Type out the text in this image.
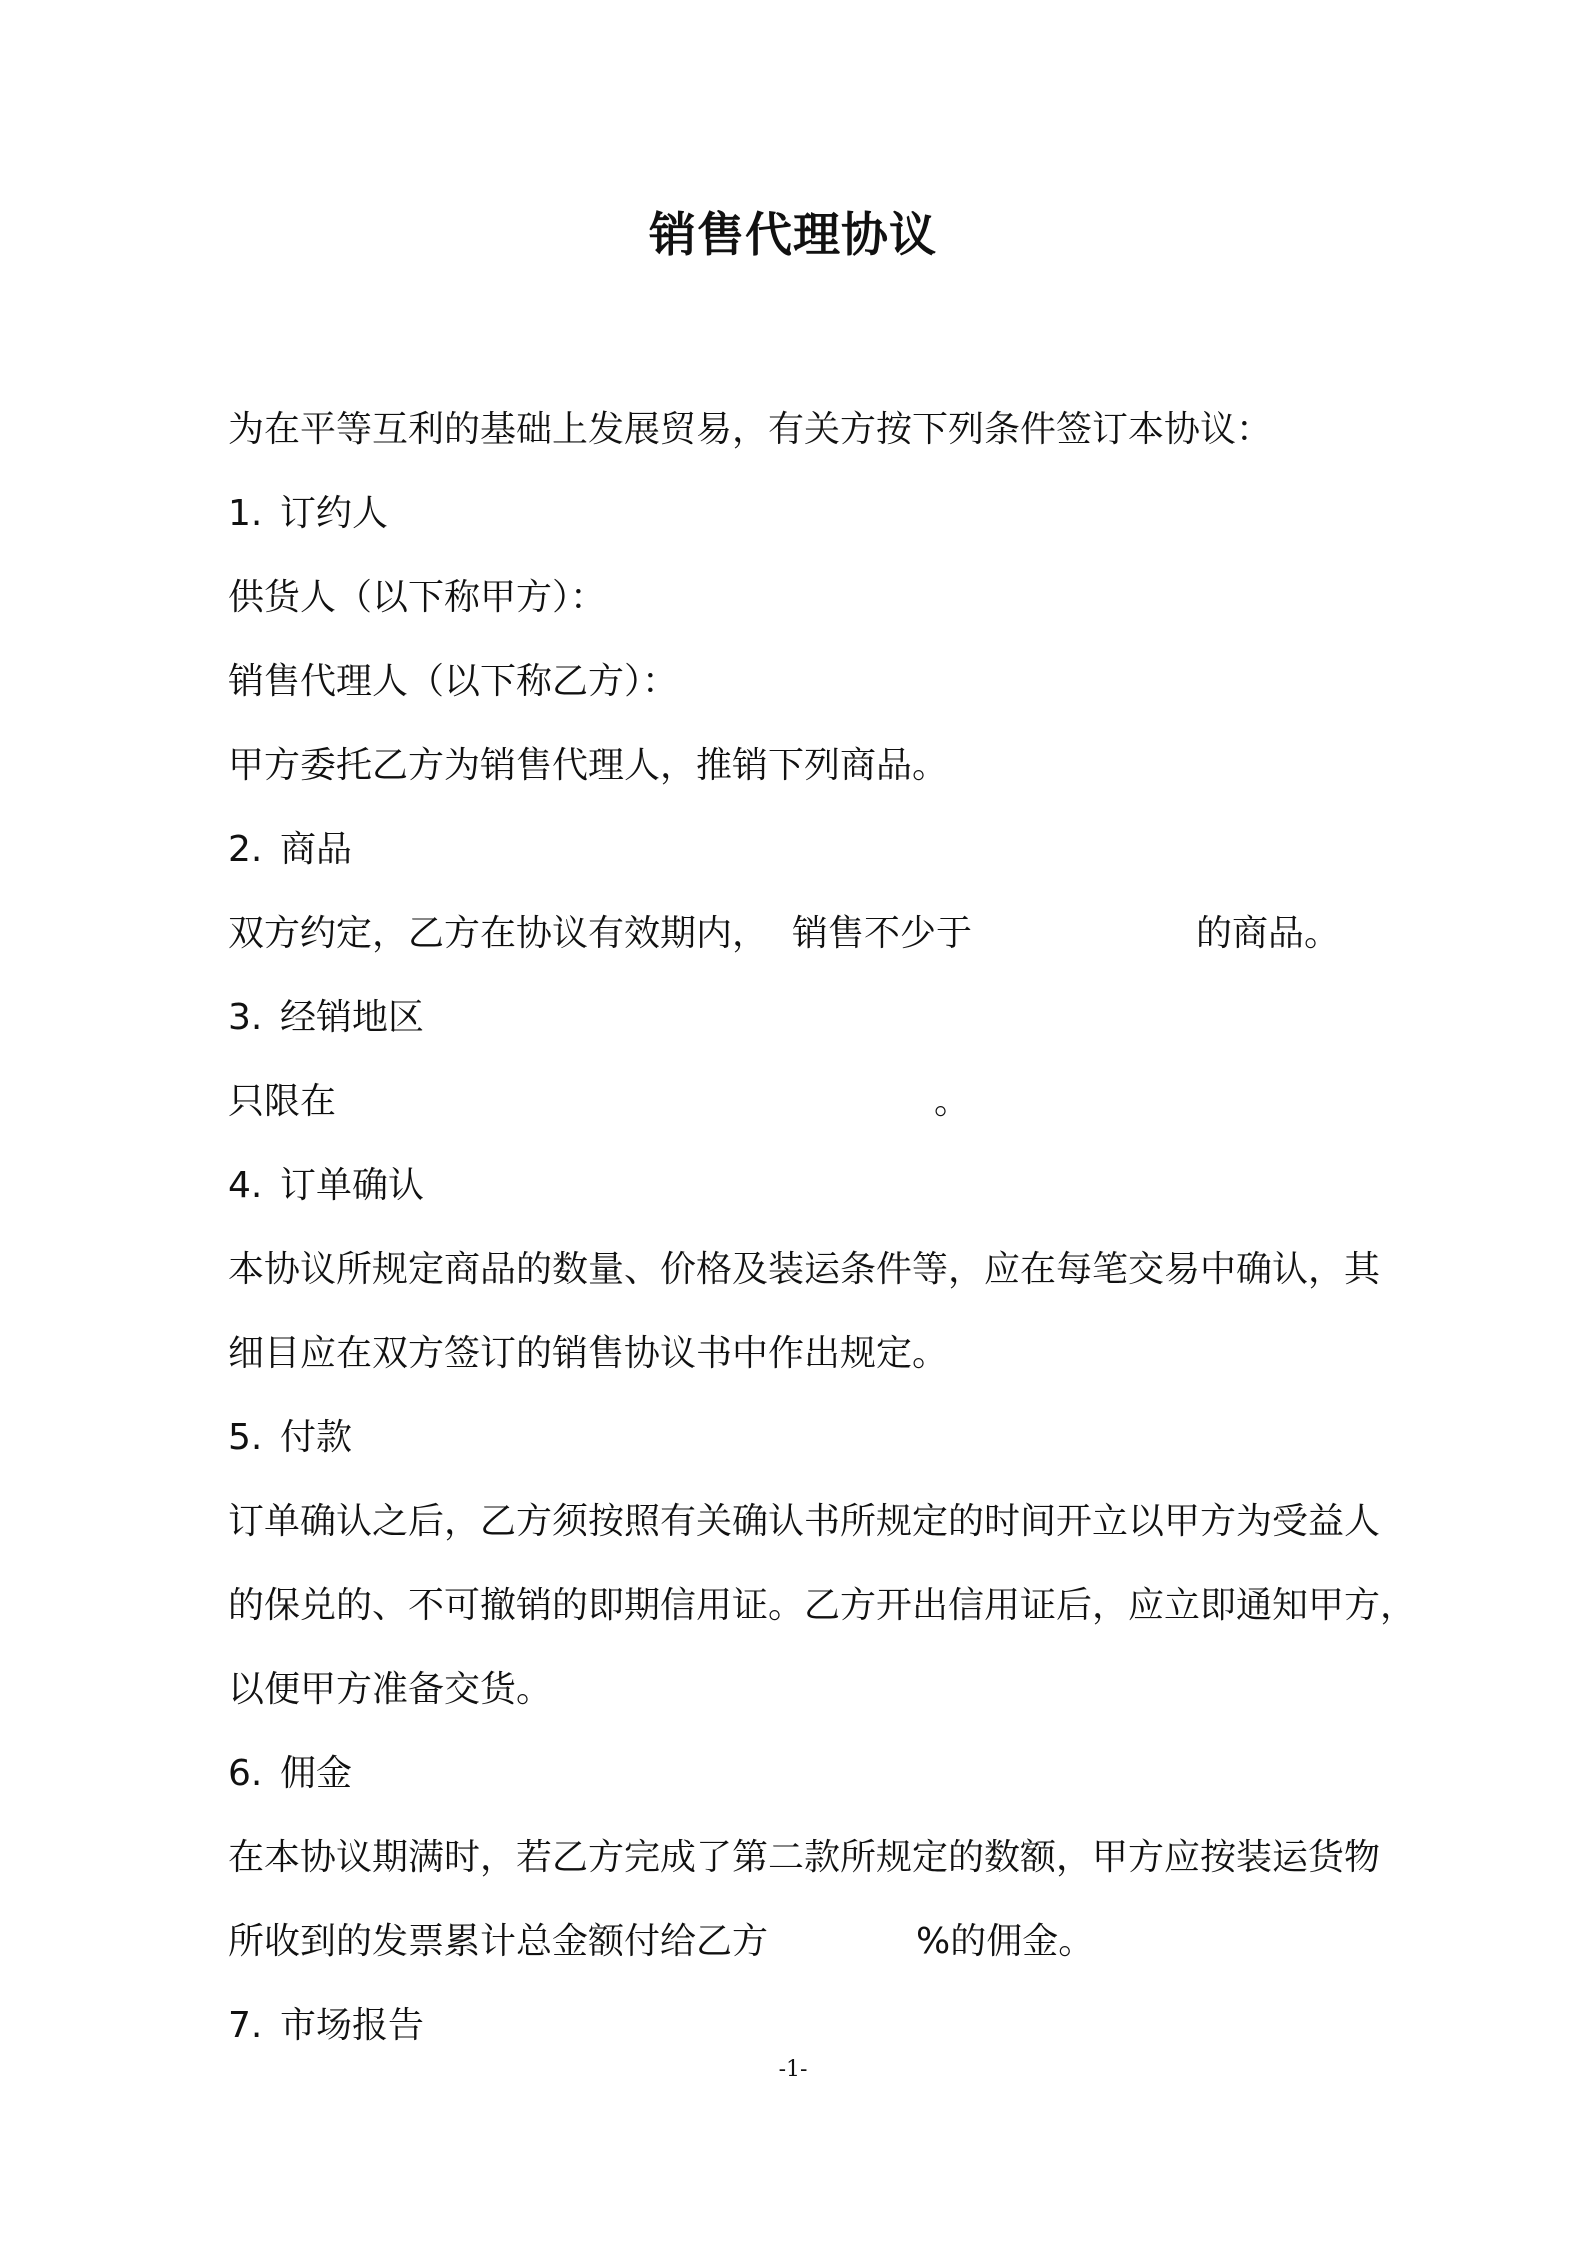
销售代理协议
为在平等互利的基础上发展贸易，有关方按下列条件签订本协议：
1. 订约人
供货人（以下称甲方）：
销售代理人（以下称乙方）：
甲方委托乙方为销售代理人，推销下列商品。
2. 商品
双方约定，乙方在协议有效期内， 销售不少于	的商品。
3. 经销地区
只限在	。
4. 订单确认
本协议所规定商品的数量、价格及装运条件等，应在每笔交易中确认，其
细目应在双方签订的销售协议书中作出规定。
5. 付款
订单确认之后，乙方须按照有关确认书所规定的时间开立以甲方为受益人
的保兑的、不可撤销的即期信用证。乙方开出信用证后，应立即通知甲方，
以便甲方准备交货。
6. 佣金
在本协议期满时，若乙方完成了第二款所规定的数额，甲方应按装运货物
所收到的发票累计总金额付给乙方	%的佣金。
7. 市场报告
-1-
